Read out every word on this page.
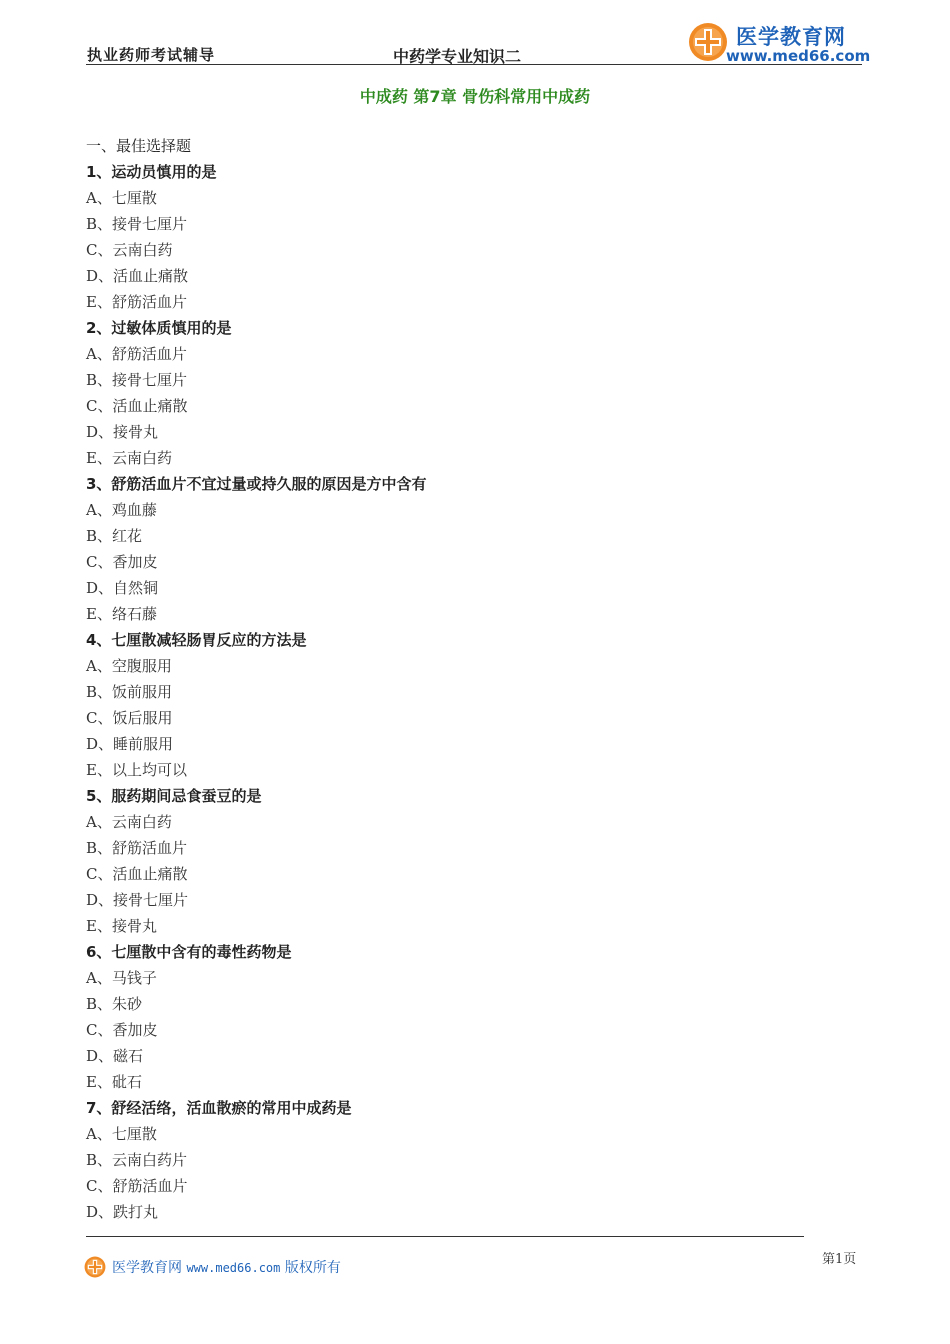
执业药师考试辅导	中药学专业知识二
医学教育网
www.med66.com
中成药 第7章 骨伤科常用中成药
一、最佳选择题
1、运动员慎用的是
A、七厘散
B、接骨七厘片
C、云南白药
D、活血止痛散
E、舒筋活血片
2、过敏体质慎用的是
A、舒筋活血片
B、接骨七厘片
C、活血止痛散
D、接骨丸
E、云南白药
3、舒筋活血片不宜过量或持久服的原因是方中含有
A、鸡血藤
B、红花
C、香加皮
D、自然铜
E、络石藤
4、七厘散减轻肠胃反应的方法是
A、空腹服用
B、饭前服用
C、饭后服用
D、睡前服用
E、以上均可以
5、服药期间忌食蚕豆的是
A、云南白药
B、舒筋活血片
C、活血止痛散
D、接骨七厘片
E、接骨丸
6、七厘散中含有的毒性药物是
A、马钱子
B、朱砂
C、香加皮
D、磁石
E、砒石
7、舒经活络，活血散瘀的常用中成药是
A、七厘散
B、云南白药片
C、舒筋活血片
D、跌打丸
第1页
医学教育网 www.med66.com 版权所有
